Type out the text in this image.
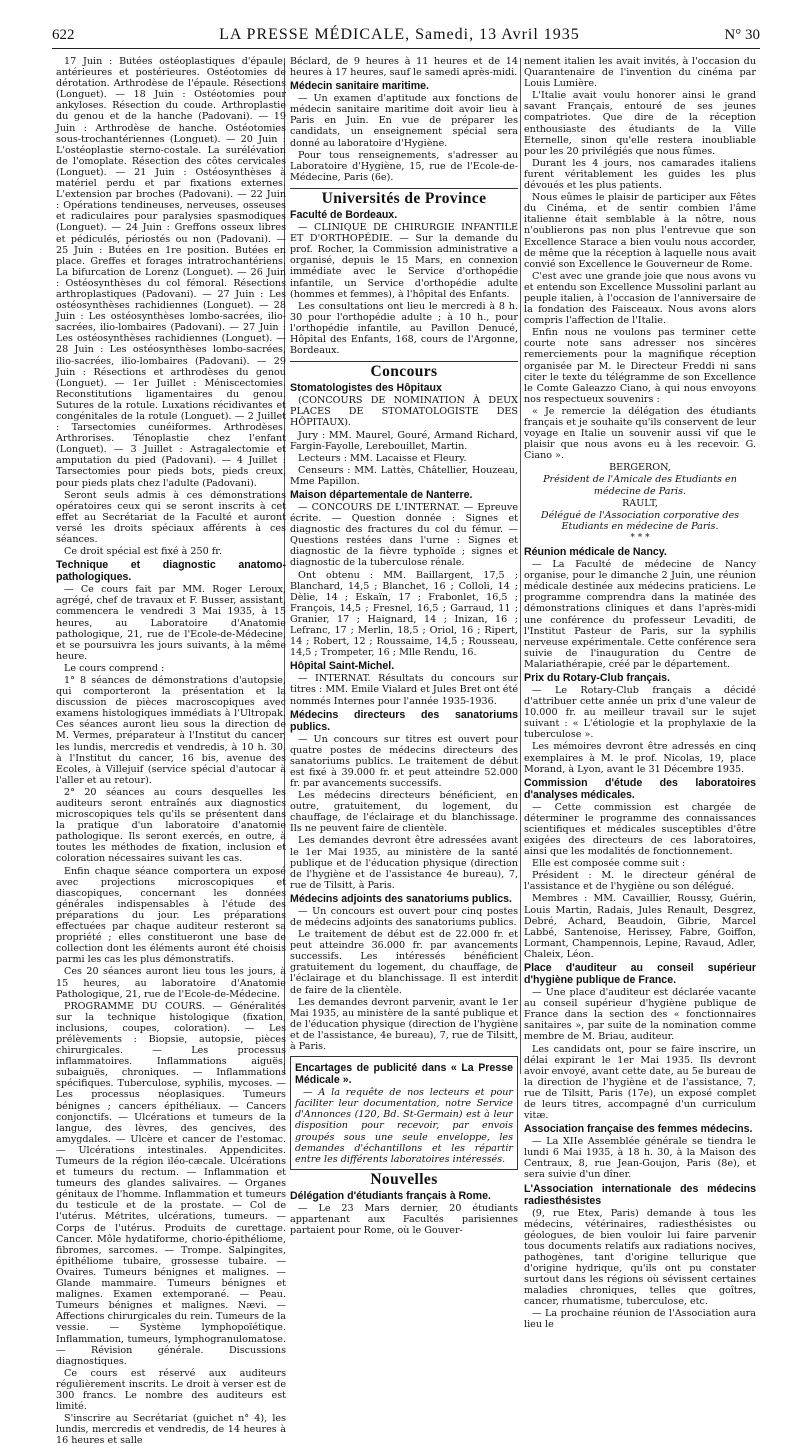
622	LA PRESSE MÉDICALE, Samedi, 13 Avril 1935	N° 30

17 Juin : Butées ostéoplastiques d'épaule, antérieures et postérieures. Ostéotomies de dérotation. Arthrodèse de l'épaule. Résections (Longuet). — 18 Juin : Ostéotomies pour ankyloses. Résection du coude. Arthroplastie du genou et de la hanche (Padovani). — 19 Juin : Arthrodèse de hanche. Ostéotomies sous-trochantériennes (Longuet). — 20 Juin : L'ostéoplastie sterno-costale. La surélévation de l'omoplate. Résection des côtes cervicales (Longuet). — 21 Juin : Ostéosynthèses à matériel perdu et par fixations externes. L'extension par broches (Padovani). — 22 Juin : Opérations tendineuses, nerveuses, osseuses et radiculaires pour paralysies spasmodiques (Longuet). — 24 Juin : Greffons osseux libres et pédiculés, périostés ou non (Padovani). — 25 Juin : Butées en 1re position. Butées en place. Greffes et forages intratrochantériens. La bifurcation de Lorenz (Longuet). — 26 Juin : Ostéosynthèses du col fémoral. Résections arthroplastiques (Padovani). — 27 Juin : Les ostéosynthèses rachidiennes (Longuet). — 28 Juin : Les ostéosynthèses lombo-sacrées, ilio-sacrées, ilio-lombaires (Padovani). — 27 Juin : Les ostéosynthèses rachidiennes (Longuet). — 28 Juin : Les ostéosynthèses lombo-sacrées, ilio-sacrées, ilio-lombaires (Padovani). — 29 Juin : Résections et arthrodèses du genou (Longuet). — 1er Juillet : Méniscectomies. Reconstitutions ligamentaires du genou. Sutures de la rotule. Luxations récidivantes et congénitales de la rotule (Longuet). — 2 Juillet : Tarsectomies cunéiformes. Arthrodèses. Arthrorises. Ténoplastie chez l'enfant (Longuet). — 3 Juillet : Astragalectomie et amputation du pied (Padovani). — 4 Juillet : Tarsectomies pour pieds bots, pieds creux, pour pieds plats chez l'adulte (Padovani).

Seront seuls admis à ces démonstrations opératoires ceux qui se seront inscrits à cet effet au Secrétariat de la Faculté et auront versé les droits spéciaux afférents à ces séances.

Ce droit spécial est fixé à 250 fr.

Technique et diagnostic anatomo-pathologiques.

— Ce cours fait par MM. Roger Leroux, agrégé, chef de travaux et F. Busser, assistant, commencera le vendredi 3 Mai 1935, à 15 heures, au Laboratoire d'Anatomie pathologique, 21, rue de l'Ecole-de-Médecine, et se poursuivra les jours suivants, à la même heure.

Le cours comprend :

1° 8 séances de démonstrations d'autopsie, qui comporteront la présentation et la discussion de pièces macroscopiques avec examens histologiques immédiats à l'Ultropak. Ces séances auront lieu sous la direction de M. Vermes, préparateur à l'Institut du cancer, les lundis, mercredis et vendredis, à 10 h. 30, à l'Institut du cancer, 16 bis, avenue des Ecoles, à Villejuif (service spécial d'autocar à l'aller et au retour).

2° 20 séances au cours desquelles les auditeurs seront entraînés aux diagnostics microscopiques tels qu'ils se présentent dans la pratique d'un laboratoire d'anatomie pathologique. Ils seront exercés, en outre, à toutes les méthodes de fixation, inclusion et coloration nécessaires suivant les cas.

Enfin chaque séance comportera un exposé avec projections microscopiques et diascopiques, concernant les données générales indispensables à l'étude des préparations du jour. Les préparations effectuées par chaque auditeur resteront sa propriété ; elles constitueront une base de collection dont les éléments auront été choisis parmi les cas les plus démonstratifs.

Ces 20 séances auront lieu tous les jours, à 15 heures, au laboratoire d'Anatomie Pathologique, 21, rue de l'Ecole-de-Médecine.

PROGRAMME DU COURS. — Généralités sur la technique histologique (fixation, inclusions, coupes, coloration). — Les prélèvements : Biopsie, autopsie, pièces chirurgicales. — Les processus inflammatoires. Inflammations aiguës, subaiguës, chroniques. — Inflammations spécifiques. Tuberculose, syphilis, mycoses. — Les processus néoplasiques. Tumeurs bénignes ; cancers épithéliaux. — Cancers conjonctifs. — Ulcérations et tumeurs de la langue, des lèvres, des gencives, des amygdales. — Ulcère et cancer de l'estomac. — Ulcérations intestinales. Appendicites. Tumeurs de la région iléo-cæcale. Ulcérations et tumeurs du rectum. — Inflammation et tumeurs des glandes salivaires. — Organes génitaux de l'homme. Inflammation et tumeurs du testicule et de la prostate. — Col de l'utérus. Métrites, ulcérations, tumeurs. — Corps de l'utérus. Produits de curettage. Cancer. Môle hydatiforme, chorio-épithéliome, fibromes, sarcomes. — Trompe. Salpingites, épithéliome tubaire, grossesse tubaire. — Ovaires. Tumeurs bénignes et malignes. — Glande mammaire. Tumeurs bénignes et malignes. Examen extemporané. — Peau. Tumeurs bénignes et malignes. Nævi. — Affections chirurgicales du rein. Tumeurs de la vessie. — Système lymphopoïétique. Inflammation, tumeurs, lymphogranulomatose. — Révision générale. Discussions diagnostiques.

Ce cours est réservé aux auditeurs régulièrement inscrits. Le droit à verser est de 300 francs. Le nombre des auditeurs est limité.

S'inscrire au Secrétariat (guichet n° 4), les lundis, mercredis et vendredis, de 14 heures à 16 heures et salle

Béclard, de 9 heures à 11 heures et de 14 heures à 17 heures, sauf le samedi après-midi.

Médecin sanitaire maritime.

— Un examen d'aptitude aux fonctions de médecin sanitaire maritime doit avoir lieu à Paris en Juin. En vue de préparer les candidats, un enseignement spécial sera donné au laboratoire d'Hygiène.

Pour tous renseignements, s'adresser au Laboratoire d'Hygiène, 15, rue de l'Ecole-de-Médecine, Paris (6e).

Universités de Province
Faculté de Bordeaux.

— CLINIQUE DE CHIRURGIE INFANTILE ET D'ORTHOPÉDIE. — Sur la demande du prof. Rocher, la Commission administrative a organisé, depuis le 15 Mars, en connexion immédiate avec le Service d'orthopédie infantile, un Service d'orthopédie adulte (hommes et femmes), à l'hôpital des Enfants.

Les consultations ont lieu le mercredi à 8 h. 30 pour l'orthopédie adulte ; à 10 h., pour l'orthopédie infantile, au Pavillon Denucé, Hôpital des Enfants, 168, cours de l'Argonne, Bordeaux.

Concours
Stomatologistes des Hôpitaux

(CONCOURS DE NOMINATION À DEUX PLACES DE STOMATOLOGISTE DES HÔPITAUX).

Jury : MM. Maurel, Gouré, Armand Richard, Fargin-Fayolle, Lerebouillet, Martin.

Lecteurs : MM. Lacaisse et Fleury.

Censeurs : MM. Lattès, Châtellier, Houzeau, Mme Papillon.

Maison départementale de Nanterre.

— CONCOURS DE L'INTERNAT. — Epreuve écrite. — Question donnée : Signes et diagnostic des fractures du col du fémur. — Questions restées dans l'urne : Signes et diagnostic de la fièvre typhoïde ; signes et diagnostic de la tuberculose rénale.

Ont obtenu : MM. Baillargent, 17,5 ; Blanchard, 14,5 ; Blanchet, 16 ; Colloli, 14 ; Dèlie, 14 ; Eskaïn, 17 ; Frabonlet, 16,5 ; François, 14,5 ; Fresnel, 16,5 ; Garraud, 11 ; Granier, 17 ; Haignard, 14 ; Inizan, 16 ; Lefranc, 17 ; Merlin, 18,5 ; Oriol, 16 ; Ripert, 14 ; Robert, 12 ; Roussaime, 14,5 ; Rousseau, 14,5 ; Trompeter, 16 ; Mlle Rendu, 16.

Hôpital Saint-Michel.

— INTERNAT. Résultats du concours sur titres : MM. Emile Vialard et Jules Bret ont été nommés Internes pour l'année 1935-1936.

Médecins directeurs des sanatoriums publics.

— Un concours sur titres est ouvert pour quatre postes de médecins directeurs des sanatoriums publics. Le traitement de début est fixé à 39.000 fr. et peut atteindre 52.000 fr. par avancements successifs.

Les médecins directeurs bénéficient, en outre, gratuitement, du logement, du chauffage, de l'éclairage et du blanchissage. Ils ne peuvent faire de clientèle.

Les demandes devront être adressées avant le 1er Mai 1935, au ministère de la santé publique et de l'éducation physique (direction de l'hygiène et de l'assistance 4e bureau), 7, rue de Tilsitt, à Paris.

Médecins adjoints des sanatoriums publics.

— Un concours est ouvert pour cinq postes de médecins adjoints des sanatoriums publics.

Le traitement de début est de 22.000 fr. et peut atteindre 36.000 fr. par avancements successifs. Les intéressés bénéficient gratuitement du logement, du chauffage, de l'éclairage et du blanchissage. Il est interdit de faire de la clientèle.

Les demandes devront parvenir, avant le 1er Mai 1935, au ministère de la santé publique et de l'éducation physique (direction de l'hygiène et de l'assistance, 4e bureau), 7, rue de Tilsitt, à Paris.

Encartages de publicité dans « La Presse Médicale ».

— A la requête de nos lecteurs et pour faciliter leur documentation, notre Service d'Annonces (120, Bd. St-Germain) est à leur disposition pour recevoir, par envois groupés sous une seule enveloppe, les demandes d'échantillons et les répartir entre les différents laboratoires intéressés.

Nouvelles
Délégation d'étudiants français à Rome.

— Le 23 Mars dernier, 20 étudiants appartenant aux Facultés parisiennes partaient pour Rome, où le Gouver-

nement italien les avait invités, à l'occasion du Quarantenaire de l'invention du cinéma par Louis Lumière.

L'Italie avait voulu honorer ainsi le grand savant Français, entouré de ses jeunes compatriotes. Que dire de la réception enthousiaste des étudiants de la Ville Eternelle, sinon qu'elle restera inoubliable pour les 20 privilégiés que nous fûmes.

Durant les 4 jours, nos camarades italiens furent véritablement les guides les plus dévoués et les plus patients.

Nous eûmes le plaisir de participer aux Fêtes du Cinéma, et de sentir combien l'âme italienne était semblable à la nôtre, nous n'oublierons pas non plus l'entrevue que son Excellence Starace a bien voulu nous accorder, de même que la réception à laquelle nous avait convié son Excellence le Gouverneur de Rome.

C'est avec une grande joie que nous avons vu et entendu son Excellence Mussolini parlant au peuple italien, à l'occasion de l'anniversaire de la fondation des Faisceaux. Nous avons alors compris l'affection de l'Italie.

Enfin nous ne voulons pas terminer cette courte note sans adresser nos sincères remerciements pour la magnifique réception organisée par M. le Directeur Freddi ni sans citer le texte du télégramme de son Excellence le Comte Galeazzo Ciano, à qui nous envoyons nos respectueux souvenirs :

« Je remercie la délégation des étudiants français et je souhaite qu'ils conservent de leur voyage en Italie un souvenir aussi vif que le plaisir que nous avons eu à les recevoir. G. Ciano ».

BERGERON,

Président de l'Amicale des Etudiants en médecine de Paris.

RAULT,

Délégué de l'Association corporative des Etudiants en médecine de Paris.

* * *

Réunion médicale de Nancy.

— La Faculté de médecine de Nancy organise, pour le dimanche 2 Juin, une réunion médicale destinée aux médecins praticiens. Le programme comprendra dans la matinée des démonstrations cliniques et dans l'après-midi une conférence du professeur Levaditi, de l'Institut Pasteur de Paris, sur la syphilis nerveuse expérimentale. Cette conférence sera suivie de l'inauguration du Centre de Malariathérapie, créé par le département.

Prix du Rotary-Club français.

— Le Rotary-Club français a décidé d'attribuer cette année un prix d'une valeur de 10.000 fr. au meilleur travail sur le sujet suivant : « L'étiologie et la prophylaxie de la tuberculose ».

Les mémoires devront être adressés en cinq exemplaires à M. le prof. Nicolas, 19, place Morand, à Lyon, avant le 31 Décembre 1935.

Commission d'étude des laboratoires d'analyses médicales.

— Cette commission est chargée de déterminer le programme des connaissances scientifiques et médicales susceptibles d'être exigées des directeurs de ces laboratoires, ainsi que les modalités de fonctionnement.

Elle est composée comme suit :

Président : M. le directeur général de l'assistance et de l'hygiène ou son délégué.

Membres : MM. Cavaillier, Roussy, Guérin, Louis Martin, Radais, Jules Renault, Desgrez, Debré, Achard, Beaudoin, Gibrie, Marcel Labbé, Santenoise, Herissey, Fabre, Goiffon, Lormant, Champennois, Lepine, Ravaud, Adler, Chaleix, Léon.

Place d'auditeur au conseil supérieur d'hygiène publique de France.

— Une place d'auditeur est déclarée vacante au conseil supérieur d'hygiène publique de France dans la section des « fonctionnaires sanitaires », par suite de la nomination comme membre de M. Briau, auditeur.

Les candidats ont, pour se faire inscrire, un délai expirant le 1er Mai 1935. Ils devront avoir envoyé, avant cette date, au 5e bureau de la direction de l'hygiène et de l'assistance, 7, rue de Tilsitt, Paris (17e), un exposé complet de leurs titres, accompagné d'un curriculum vitæ.

Association française des femmes médecins.

— La XIIe Assemblée générale se tiendra le lundi 6 Mai 1935, à 18 h. 30, à la Maison des Centraux, 8, rue Jean-Goujon, Paris (8e), et sera suivie d'un dîner.

L'Association internationale des médecins radiesthésistes

(9, rue Etex, Paris) demande à tous les médecins, vétérinaires, radiesthésistes ou géologues, de bien vouloir lui faire parvenir tous documents relatifs aux radiations nocives, pathogènes, tant d'origine tellurique que d'origine hydrique, qu'ils ont pu constater surtout dans les régions où sévissent certaines maladies chroniques, telles que goîtres, cancer, rhumatisme, tuberculose, etc.

— La prochaine réunion de l'Association aura lieu le
